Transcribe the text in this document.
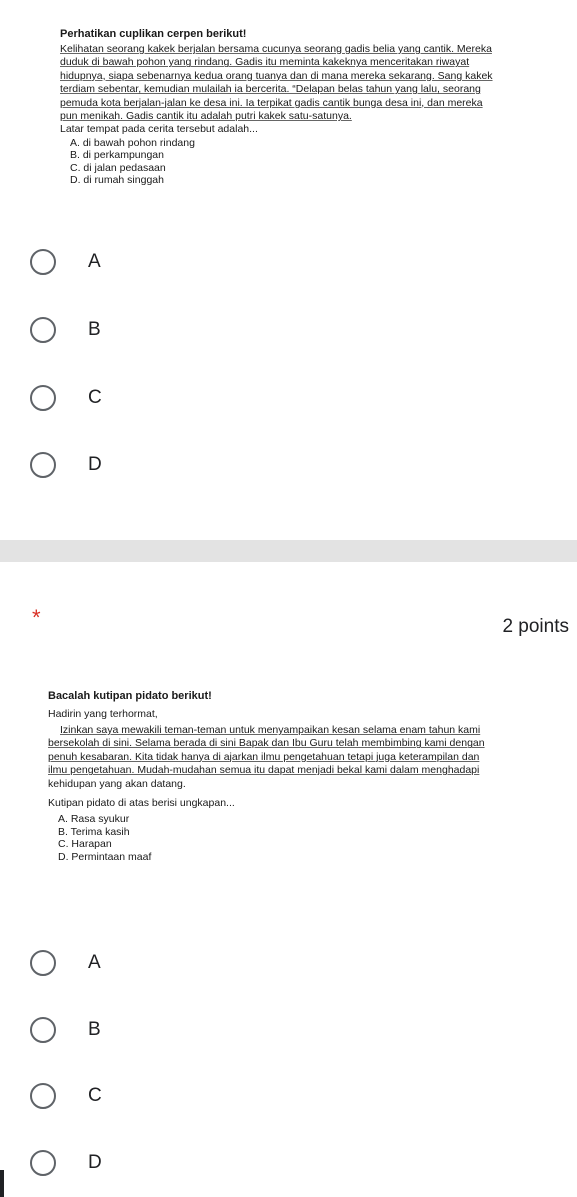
Perhatikan cuplikan cerpen berikut!
Kelihatan seorang kakek berjalan bersama cucunya seorang gadis belia yang cantik. Mereka
duduk di bawah pohon yang rindang. Gadis itu meminta kakeknya menceritakan riwayat
hidupnya, siapa sebenarnya kedua orang tuanya dan di mana mereka sekarang. Sang kakek
terdiam sebentar, kemudian mulailah ia bercerita. “Delapan belas tahun yang lalu, seorang
pemuda kota berjalan-jalan ke desa ini. Ia terpikat gadis cantik bunga desa ini, dan mereka
pun menikah. Gadis cantik itu adalah putri kakek satu-satunya.
Latar tempat pada cerita tersebut adalah...
A. di bawah pohon rindang
B. di perkampungan
C. di jalan pedasaan
D. di rumah singgah
A
B
C
D
*	2 points
Bacalah kutipan pidato berikut!
Hadirin yang terhormat,
Izinkan saya mewakili teman-teman untuk menyampaikan kesan selama enam tahun kami
bersekolah di sini. Selama berada di sini Bapak dan Ibu Guru telah membimbing kami dengan
penuh kesabaran. Kita tidak hanya di ajarkan ilmu pengetahuan tetapi juga keterampilan dan
ilmu pengetahuan. Mudah-mudahan semua itu dapat menjadi bekal kami dalam menghadapi
kehidupan yang akan datang.
Kutipan pidato di atas berisi ungkapan...
A. Rasa syukur
B. Terima kasih
C. Harapan
D. Permintaan maaf
A
B
C
D
